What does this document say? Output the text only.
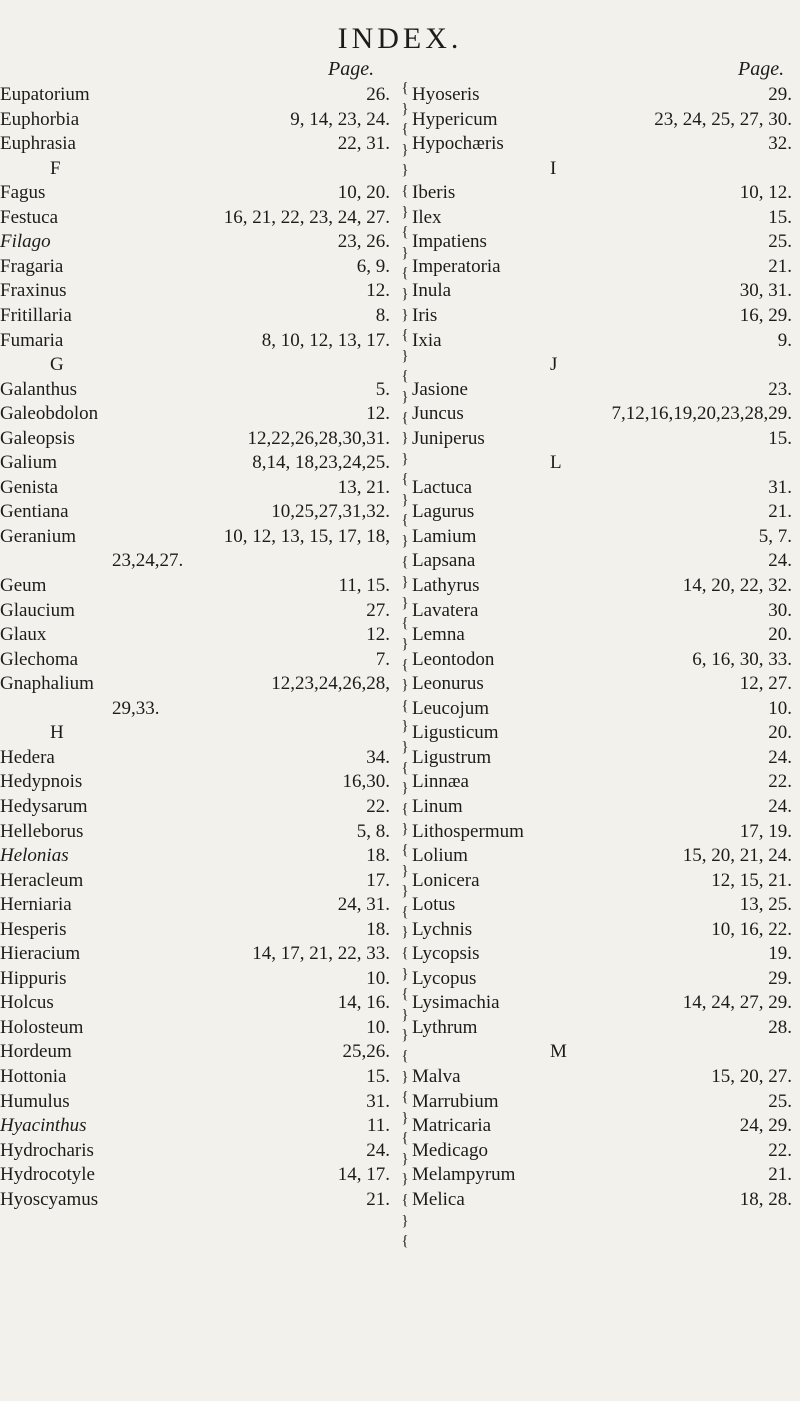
INDEX.
Page.	Page.
Eupatorium	26.
Euphorbia	9, 14, 23, 24.
Euphrasia	22, 31.
F
Fagus	10, 20.
Festuca	16, 21, 22, 23, 24, 27.
Filago	23, 26.
Fragaria	6, 9.
Fraxinus	12.
Fritillaria	8.
Fumaria	8, 10, 12, 13, 17.
G
Galanthus	5.
Galeobdolon	12.
Galeopsis	12,22,26,28,30,31.
Galium	8,14, 18,23,24,25.
Genista	13, 21.
Gentiana	10,25,27,31,32.
Geranium	10, 12, 13, 15, 17, 18,
23,24,27.
Geum	11, 15.
Glaucium	27.
Glaux	12.
Glechoma	7.
Gnaphalium	12,23,24,26,28,
29,33.
H
Hedera	34.
Hedypnois	16,30.
Hedysarum	22.
Helleborus	5, 8.
Helonias	18.
Heracleum	17.
Herniaria	24, 31.
Hesperis	18.
Hieracium	14, 17, 21, 22, 33.
Hippuris	10.
Holcus	14, 16.
Holosteum	10.
Hordeum	25,26.
Hottonia	15.
Humulus	31.
Hyacinthus	11.
Hydrocharis	24.
Hydrocotyle	14, 17.
Hyoscyamus	21.
{
}
{
}
}
{
}
{
}
{
}
}
{
}
{
}
{
}
}
{
}
{
}
{
}
}
{
}
{
}
{
}
}
{
}
{
}
{
}
}
{
}
{
}
{
}
}
{
}
{
}
{
}
}
{
}
{
Hyoseris	29.
Hypericum	23, 24, 25, 27, 30.
Hypochæris	32.
I
Iberis	10, 12.
Ilex	15.
Impatiens	25.
Imperatoria	21.
Inula	30, 31.
Iris	16, 29.
Ixia	9.
J
Jasione	23.
Juncus	7,12,16,19,20,23,28,29.
Juniperus	15.
L
Lactuca	31.
Lagurus	21.
Lamium	5, 7.
Lapsana	24.
Lathyrus	14, 20, 22, 32.
Lavatera	30.
Lemna	20.
Leontodon	6, 16, 30, 33.
Leonurus	12, 27.
Leucojum	10.
Ligusticum	20.
Ligustrum	24.
Linnæa	22.
Linum	24.
Lithospermum	17, 19.
Lolium	15, 20, 21, 24.
Lonicera	12, 15, 21.
Lotus	13, 25.
Lychnis	10, 16, 22.
Lycopsis	19.
Lycopus	29.
Lysimachia	14, 24, 27, 29.
Lythrum	28.
M
Malva	15, 20, 27.
Marrubium	25.
Matricaria	24, 29.
Medicago	22.
Melampyrum	21.
Melica	18, 28.
